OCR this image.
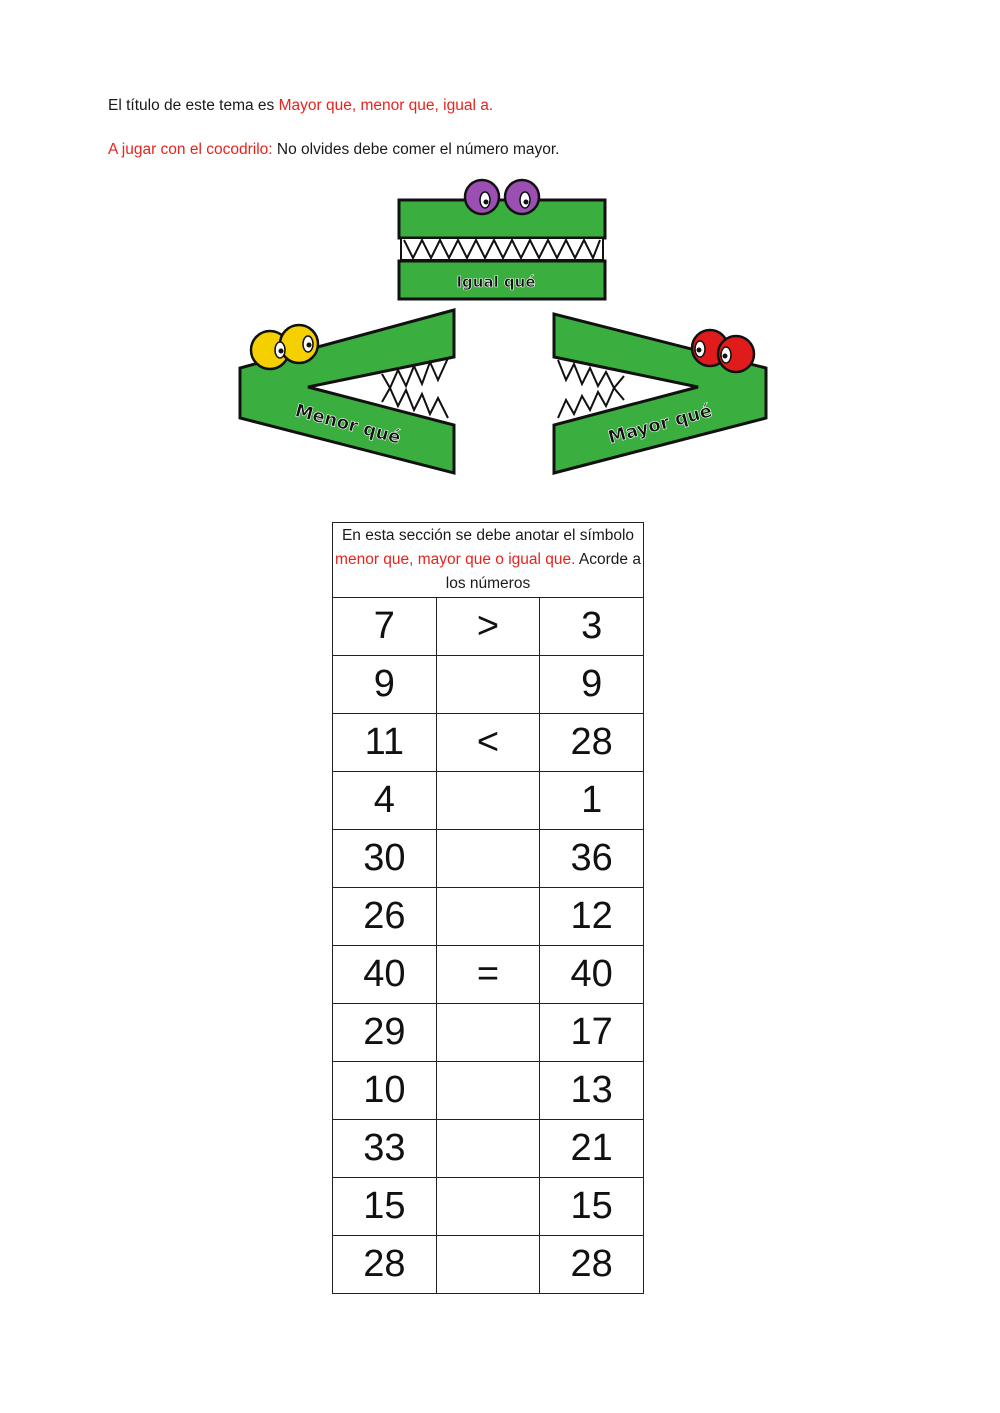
El título de este tema es Mayor que, menor que, igual a.
A jugar con el cocodrilo: No olvides debe comer el número mayor.
Igual qué
Menor qué	Mayor qué
En esta sección se debe anotar el símbolo menor que, mayor que o igual que. Acorde a los números		
7	>	3
9		9
11	<	28
4		1
30		36
26		12
40	=	40
29		17
10		13
33		21
15		15
28		28
